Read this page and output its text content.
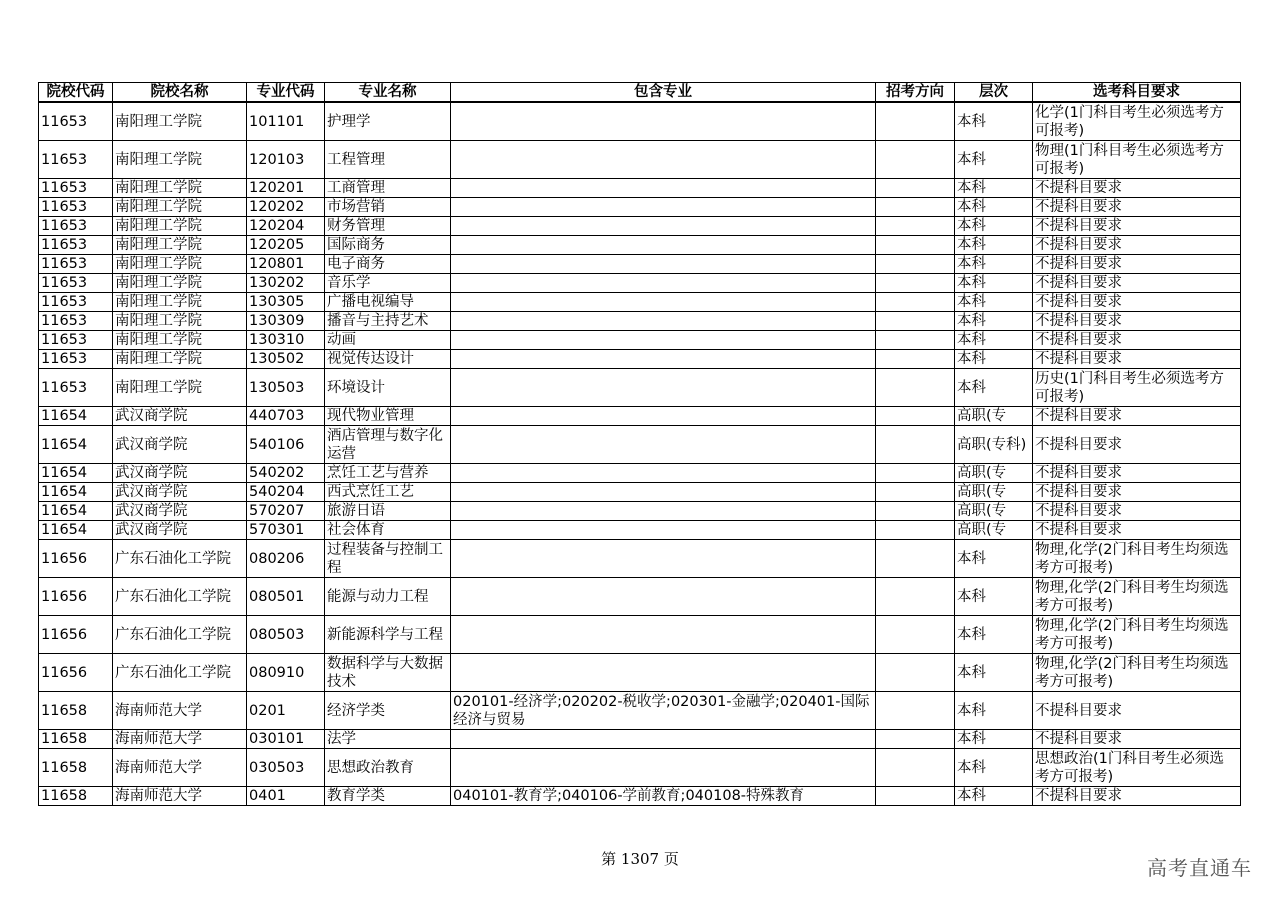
院校代码	院校名称	专业代码	专业名称	包含专业	招考方向	层次	选考科目要求
11653	南阳理工学院	101101	护理学			本科	化学(1门科目考生必须选考方可报考)
11653	南阳理工学院	120103	工程管理			本科	物理(1门科目考生必须选考方可报考)
11653	南阳理工学院	120201	工商管理			本科	不提科目要求
11653	南阳理工学院	120202	市场营销			本科	不提科目要求
11653	南阳理工学院	120204	财务管理			本科	不提科目要求
11653	南阳理工学院	120205	国际商务			本科	不提科目要求
11653	南阳理工学院	120801	电子商务			本科	不提科目要求
11653	南阳理工学院	130202	音乐学			本科	不提科目要求
11653	南阳理工学院	130305	广播电视编导			本科	不提科目要求
11653	南阳理工学院	130309	播音与主持艺术			本科	不提科目要求
11653	南阳理工学院	130310	动画			本科	不提科目要求
11653	南阳理工学院	130502	视觉传达设计			本科	不提科目要求
11653	南阳理工学院	130503	环境设计			本科	历史(1门科目考生必须选考方可报考)
11654	武汉商学院	440703	现代物业管理			高职(专	不提科目要求
11654	武汉商学院	540106	酒店管理与数字化运营			高职(专科)	不提科目要求
11654	武汉商学院	540202	烹饪工艺与营养			高职(专	不提科目要求
11654	武汉商学院	540204	西式烹饪工艺			高职(专	不提科目要求
11654	武汉商学院	570207	旅游日语			高职(专	不提科目要求
11654	武汉商学院	570301	社会体育			高职(专	不提科目要求
11656	广东石油化工学院	080206	过程装备与控制工程			本科	物理,化学(2门科目考生均须选考方可报考)
11656	广东石油化工学院	080501	能源与动力工程			本科	物理,化学(2门科目考生均须选考方可报考)
11656	广东石油化工学院	080503	新能源科学与工程			本科	物理,化学(2门科目考生均须选考方可报考)
11656	广东石油化工学院	080910	数据科学与大数据技术			本科	物理,化学(2门科目考生均须选考方可报考)
11658	海南师范大学	0201	经济学类	020101-经济学;020202-税收学;020301-金融学;020401-国际经济与贸易		本科	不提科目要求
11658	海南师范大学	030101	法学			本科	不提科目要求
11658	海南师范大学	030503	思想政治教育			本科	思想政治(1门科目考生必须选考方可报考)
11658	海南师范大学	0401	教育学类	040101-教育学;040106-学前教育;040108-特殊教育		本科	不提科目要求
第 1307 页	高考直通车
